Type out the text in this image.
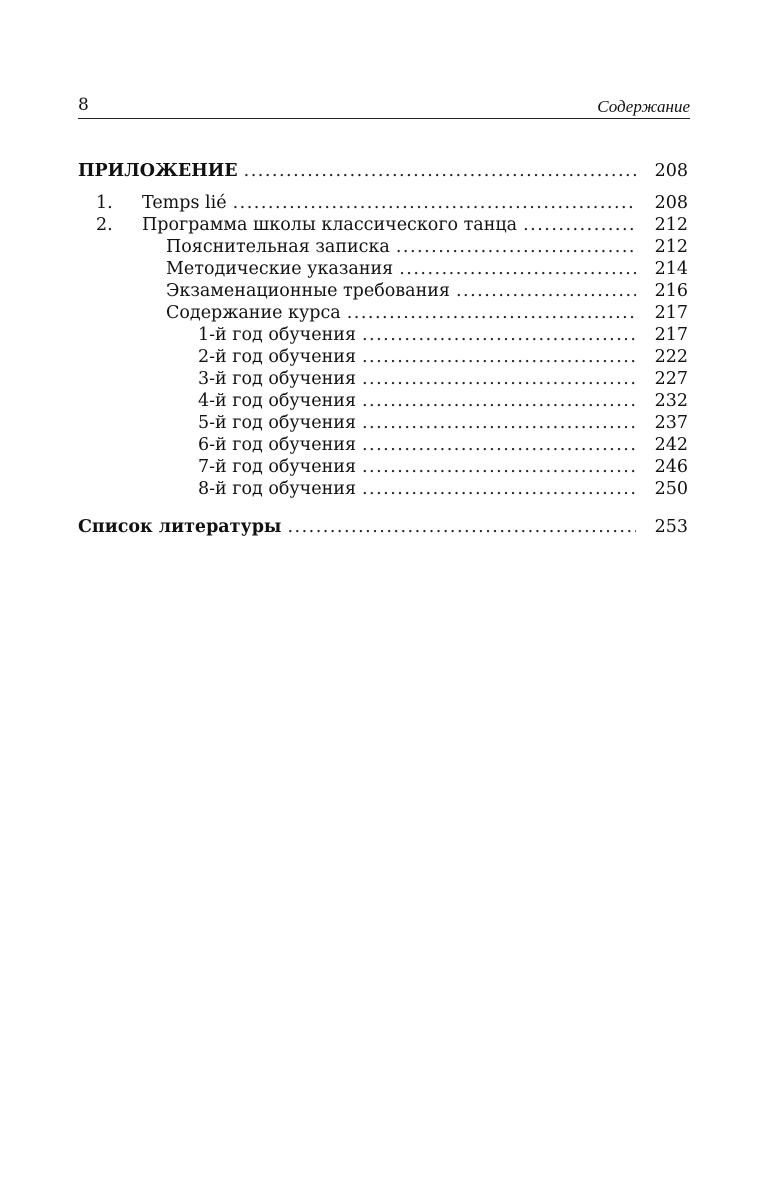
8	Содержание
ПРИЛОЖЕНИЕ .....	208
1.	Temps lié .....	208
2.	Программа школы классического танца .....	212
Пояснительная записка .....	212
Методические указания .....	214
Экзаменационные требования .....	216
Содержание курса .....	217
1-й год обучения .....	217
2-й год обучения .....	222
3-й год обучения .....	227
4-й год обучения .....	232
5-й год обучения .....	237
6-й год обучения .....	242
7-й год обучения .....	246
8-й год обучения .....	250
Список литературы .....	253
